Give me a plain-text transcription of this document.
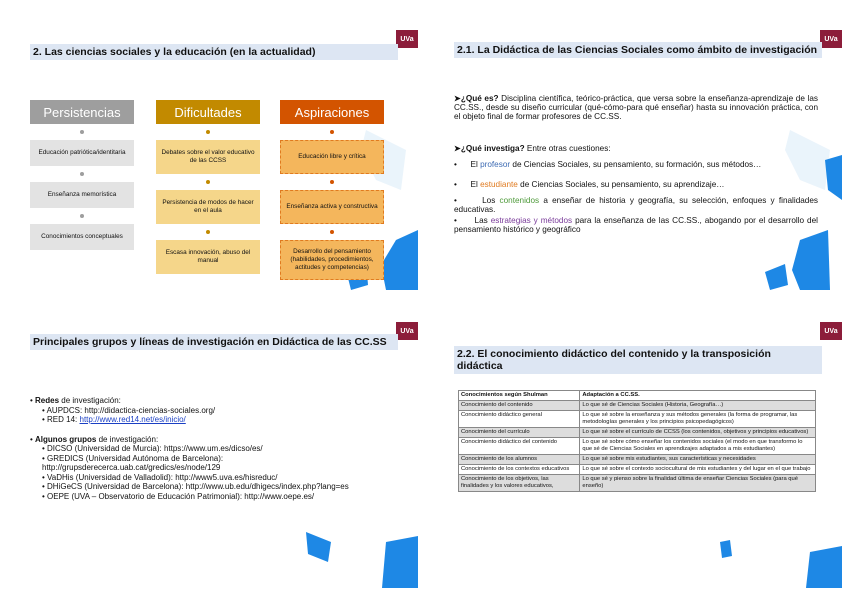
UVa
2. Las ciencias sociales y la educación (en la actualidad)
Persistencias
Educación patriótica/identitaria
Enseñanza memorística
Conocimientos conceptuales
Dificultades
Debates sobre el valor educativo de las CCSS
Persistencia de modos de hacer en el aula
Escasa innovación, abuso del manual
Aspiraciones
Educación libre y crítica
Enseñanza activa y constructiva
Desarrollo del pensamiento (habilidades, procedimientos, actitudes y competencias)
UVa
2.1. La Didáctica de las Ciencias Sociales como ámbito de investigación
➤¿Qué es? Disciplina científica, teórico-práctica, que versa sobre la enseñanza-aprendizaje de las CC.SS., desde su diseño curricular (qué-cómo-para qué enseñar) hasta su innovación práctica, con el objeto final de formar profesores de CC.SS.
➤¿Qué investiga? Entre otras cuestiones:
•      El profesor de Ciencias Sociales, su pensamiento, su formación, sus métodos…
•      El estudiante de Ciencias Sociales, su pensamiento, su aprendizaje…
•      Los contenidos a enseñar de historia y geografía, su selección, enfoques y finalidades educativas.
•      Las estrategias y métodos para la enseñanza de las CC.SS., abogando por el desarrollo del pensamiento histórico y geográfico
UVa
Principales grupos y líneas de investigación en Didáctica de las CC.SS
• Redes de investigación:
• AUPDCS: http://didactica-ciencias-sociales.org/
• RED 14: http://www.red14.net/es/inicio/
• Algunos grupos de investigación:
• DICSO (Universidad de Murcia): https://www.um.es/dicso/es/
• GREDICS (Universidad Autónoma de Barcelona): http://grupsderecerca.uab.cat/gredics/es/node/129
• VaDHis (Universidad de Valladolid): http://www5.uva.es/hisreduc/
• DHiGeCS (Universidad de Barcelona): http://www.ub.edu/dhigecs/index.php?lang=es
• OEPE (UVA – Observatorio de Educación Patrimonial): http://www.oepe.es/
UVa
2.2. El conocimiento didáctico del contenido y la transposición didáctica
Conocimientos según Shulman	Adaptación a CC.SS.
Conocimiento del contenido	Lo que sé de Ciencias Sociales (Historia, Geografía…)
Conocimiento didáctico general	Lo que sé sobre la enseñanza y sus métodos generales (la forma de programar, las metodologías generales y los principios psicopedagógicos)
Conocimiento del currículo	Lo que sé sobre el currículo de CCSS (los contenidos, objetivos y principios educativos)
Conocimiento didáctico del contenido	Lo que sé sobre cómo enseñar los contenidos sociales (el modo en que transformo lo que sé de Ciencias Sociales en aprendizajes adaptados a mis estudiantes)
Conocimiento de los alumnos	Lo que sé sobre mis estudiantes, sus características y necesidades
Conocimiento de los contextos educativos	Lo que sé sobre el contexto sociocultural de mis estudiantes y del lugar en el que trabajo
Conocimiento de los objetivos, las finalidades y los valores educativos,	Lo que sé y pienso sobre la finalidad última de enseñar Ciencias Sociales (para qué enseño)
